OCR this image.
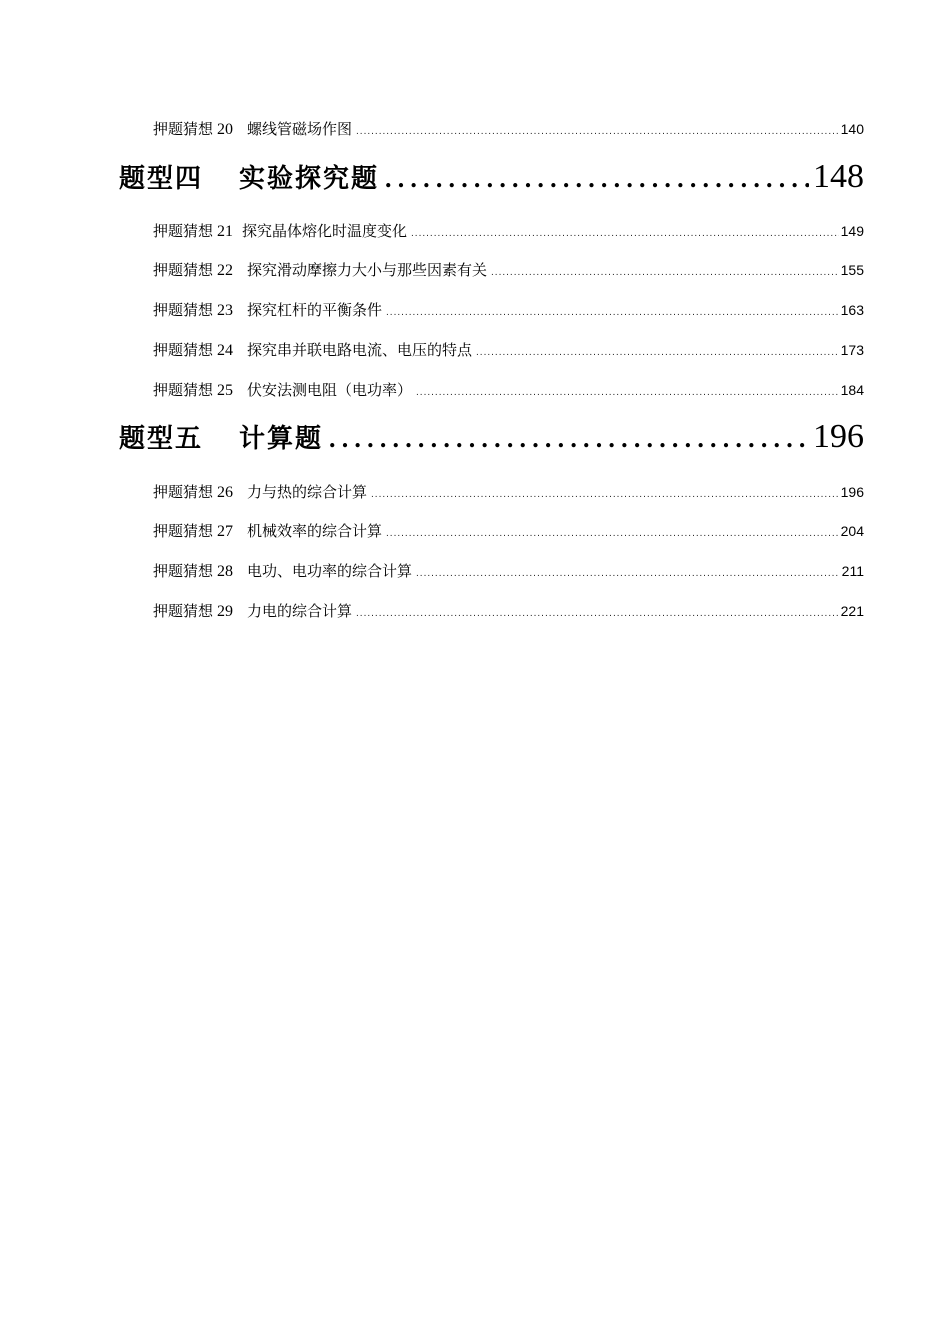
押题猜想 20 螺线管磁场作图 .....	140
题型四 实验探究题 .....	148
押题猜想 21 探究晶体熔化时温度变化 .....	149
押题猜想 22 探究滑动摩擦力大小与那些因素有关 .....	155
押题猜想 23 探究杠杆的平衡条件 .....	163
押题猜想 24 探究串并联电路电流、电压的特点 .....	173
押题猜想 25 伏安法测电阻（电功率） .....	184
题型五 计算题 .....	196
押题猜想 26 力与热的综合计算 .....	196
押题猜想 27 机械效率的综合计算 .....	204
押题猜想 28 电功、电功率的综合计算 .....	211
押题猜想 29 力电的综合计算 .....	221
